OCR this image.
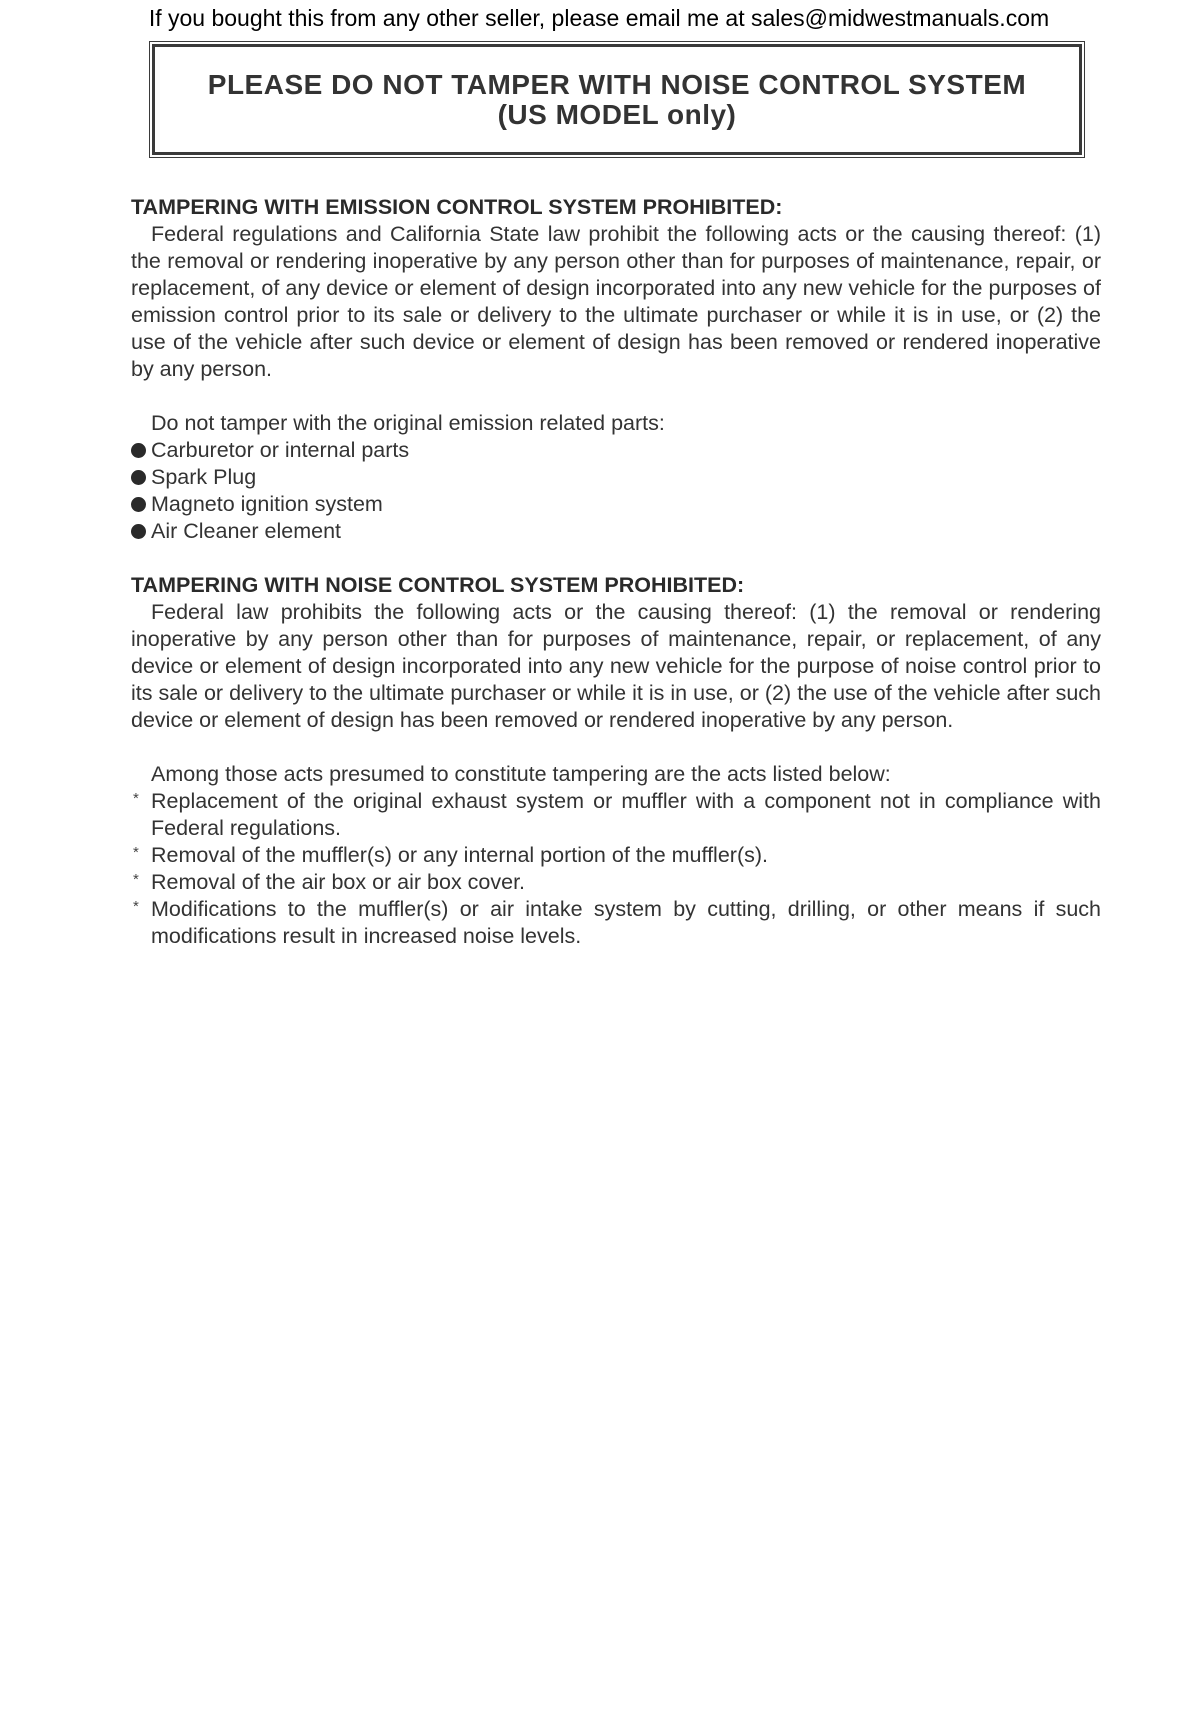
If you bought this from any other seller, please email me at sales@midwestmanuals.com
PLEASE DO NOT TAMPER WITH NOISE CONTROL SYSTEM
(US MODEL only)
TAMPERING WITH EMISSION CONTROL SYSTEM PROHIBITED:

Federal regulations and California State law prohibit the following acts or the causing thereof: (1) the removal or rendering inoperative by any person other than for purposes of maintenance, repair, or replacement, of any device or element of design incorporated into any new vehicle for the purposes of emission control prior to its sale or delivery to the ultimate purchaser or while it is in use, or (2) the use of the vehicle after such device or element of design has been removed or rendered inoperative by any person.

Do not tamper with the original emission related parts:

Carburetor or internal parts
Spark Plug
Magneto ignition system
Air Cleaner element
TAMPERING WITH NOISE CONTROL SYSTEM PROHIBITED:

Federal law prohibits the following acts or the causing thereof: (1) the removal or rendering inoperative by any person other than for purposes of maintenance, repair, or replacement, of any device or element of design incorporated into any new vehicle for the purpose of noise control prior to its sale or delivery to the ultimate purchaser or while it is in use, or (2) the use of the vehicle after such device or element of design has been removed or rendered inoperative by any person.

Among those acts presumed to constitute tampering are the acts listed below:

* Replacement of the original exhaust system or muffler with a component not in compliance with Federal regulations.
* Removal of the muffler(s) or any internal portion of the muffler(s).
* Removal of the air box or air box cover.
* Modifications to the muffler(s) or air intake system by cutting, drilling, or other means if such modifications result in increased noise levels.
